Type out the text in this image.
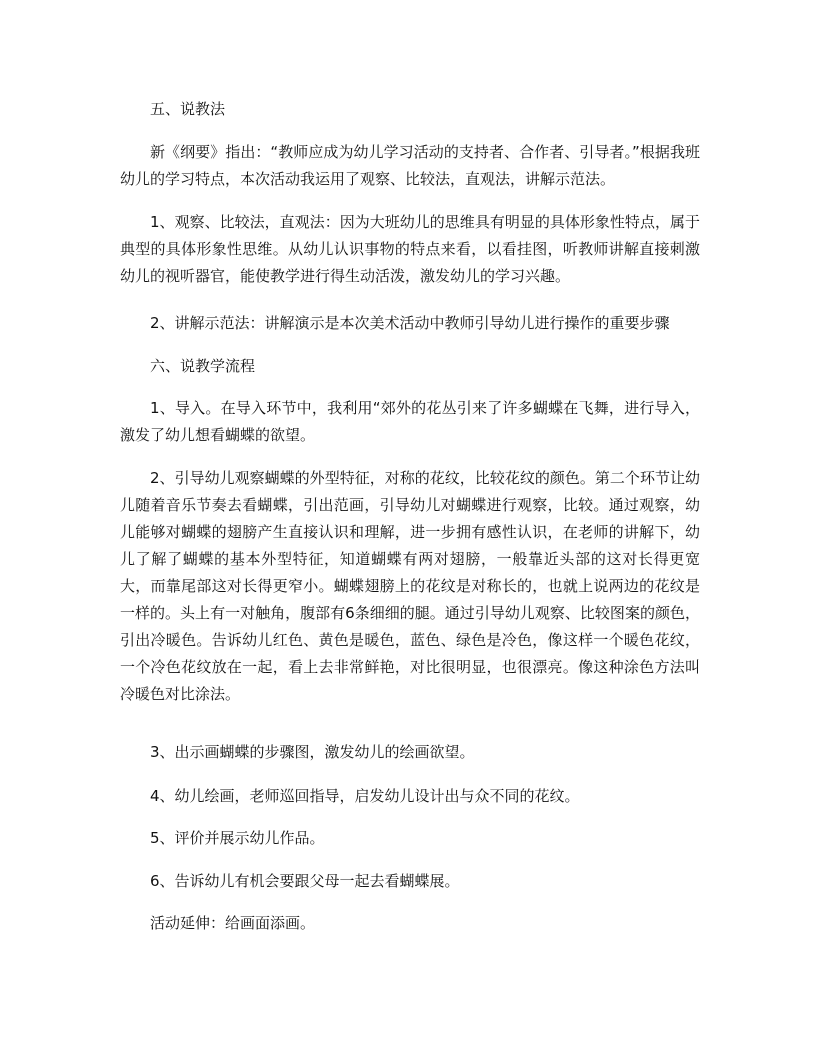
五、说教法

新《纲要》指出：“教师应成为幼儿学习活动的支持者、合作者、引导者。”根据我班幼儿的学习特点，本次活动我运用了观察、比较法，直观法，讲解示范法。

1、观察、比较法，直观法：因为大班幼儿的思维具有明显的具体形象性特点，属于典型的具体形象性思维。从幼儿认识事物的特点来看，以看挂图，听教师讲解直接刺激幼儿的视听器官，能使教学进行得生动活泼，激发幼儿的学习兴趣。

2、讲解示范法：讲解演示是本次美术活动中教师引导幼儿进行操作的重要步骤

六、说教学流程

1、导入。在导入环节中，我利用“郊外的花丛引来了许多蝴蝶在飞舞，进行导入，激发了幼儿想看蝴蝶的欲望。

2、引导幼儿观察蝴蝶的外型特征，对称的花纹，比较花纹的颜色。第二个环节让幼儿随着音乐节奏去看蝴蝶，引出范画，引导幼儿对蝴蝶进行观察，比较。通过观察，幼儿能够对蝴蝶的翅膀产生直接认识和理解，进一步拥有感性认识，在老师的讲解下，幼儿了解了蝴蝶的基本外型特征，知道蝴蝶有两对翅膀，一般靠近头部的这对长得更宽大，而靠尾部这对长得更窄小。蝴蝶翅膀上的花纹是对称长的，也就上说两边的花纹是一样的。头上有一对触角，腹部有6条细细的腿。通过引导幼儿观察、比较图案的颜色，引出冷暖色。告诉幼儿红色、黄色是暖色，蓝色、绿色是冷色，像这样一个暖色花纹，一个冷色花纹放在一起，看上去非常鲜艳，对比很明显，也很漂亮。像这种涂色方法叫冷暖色对比涂法。

3、出示画蝴蝶的步骤图，激发幼儿的绘画欲望。

4、幼儿绘画，老师巡回指导，启发幼儿设计出与众不同的花纹。

5、评价并展示幼儿作品。

6、告诉幼儿有机会要跟父母一起去看蝴蝶展。

活动延伸：给画面添画。
